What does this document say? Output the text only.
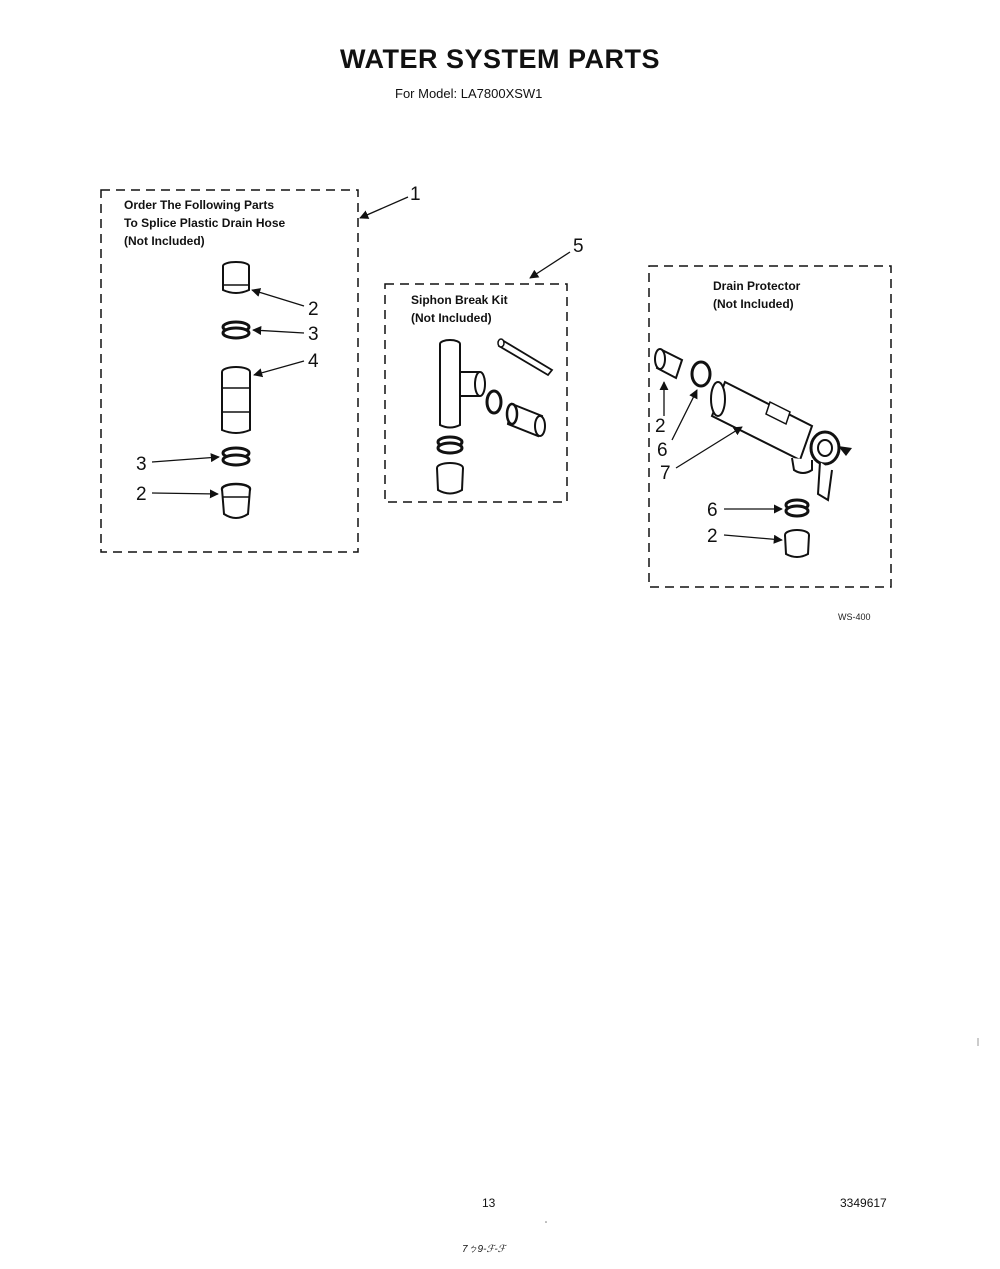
WATER SYSTEM PARTS
For Model: LA7800XSW1
Order The Following Parts
To Splice Plastic Drain Hose
(Not Included)
1
2
3
4
3
2
Siphon Break Kit
(Not Included)
5
Drain Protector
(Not Included)
2
6
7
6
2
WS-400
13	3349617
7ㄅ9-ℱ-ℱ
